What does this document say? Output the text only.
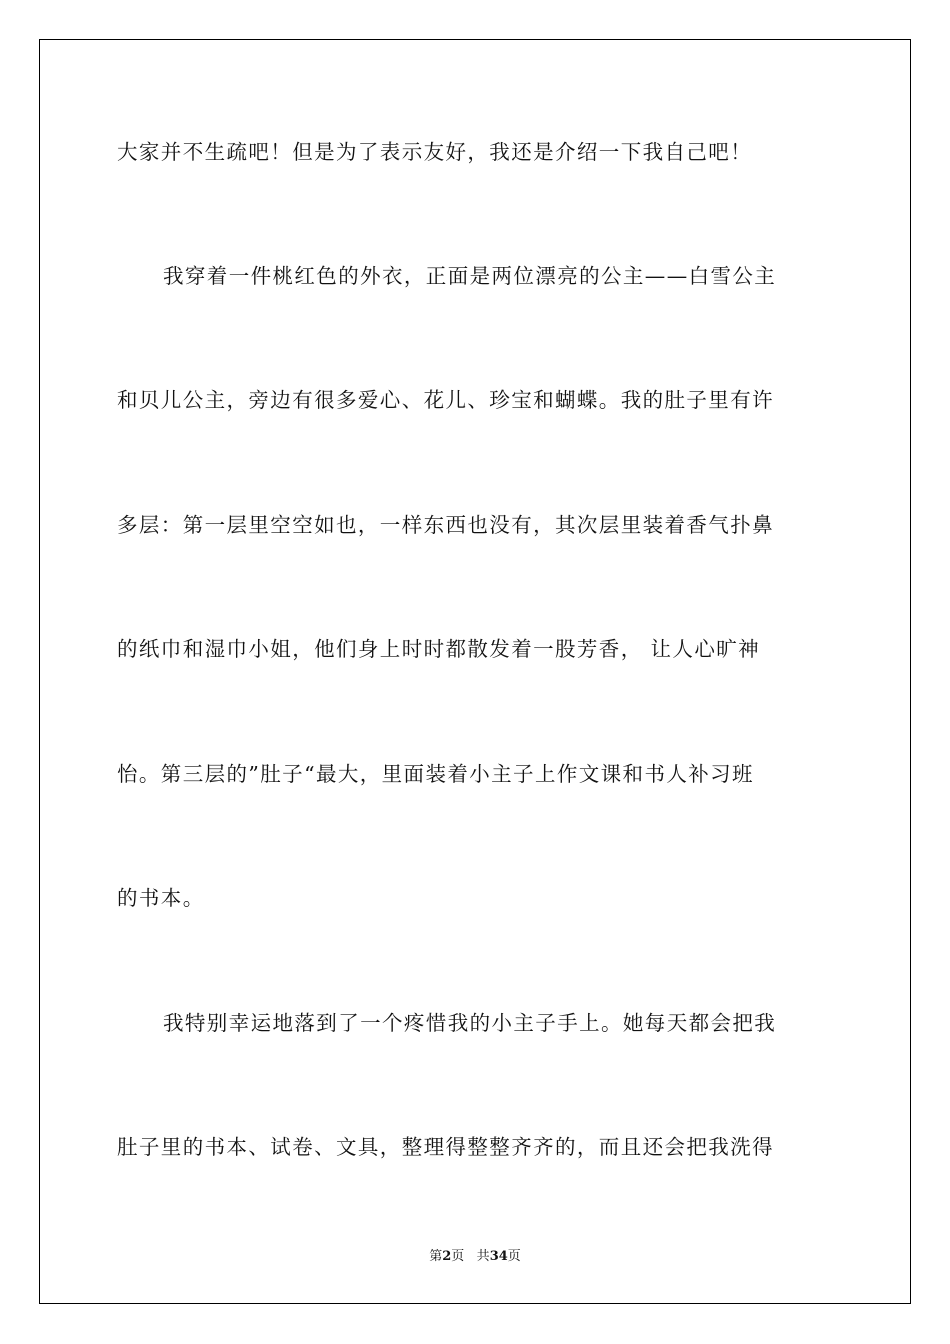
大家并不生疏吧！但是为了表示友好，我还是介绍一下我自己吧！

我穿着一件桃红色的外衣，正面是两位漂亮的公主——白雪公主

和贝儿公主，旁边有很多爱心、花儿、珍宝和蝴蝶。我的肚子里有许

多层：第一层里空空如也，一样东西也没有，其次层里装着香气扑鼻

的纸巾和湿巾小姐，他们身上时时都散发着一股芳香， 让人心旷神

怡。第三层的”肚子“最大，里面装着小主子上作文课和书人补习班

的书本。

我特别幸运地落到了一个疼惜我的小主子手上。她每天都会把我

肚子里的书本、试卷、文具，整理得整整齐齐的，而且还会把我洗得

第2页 共34页
